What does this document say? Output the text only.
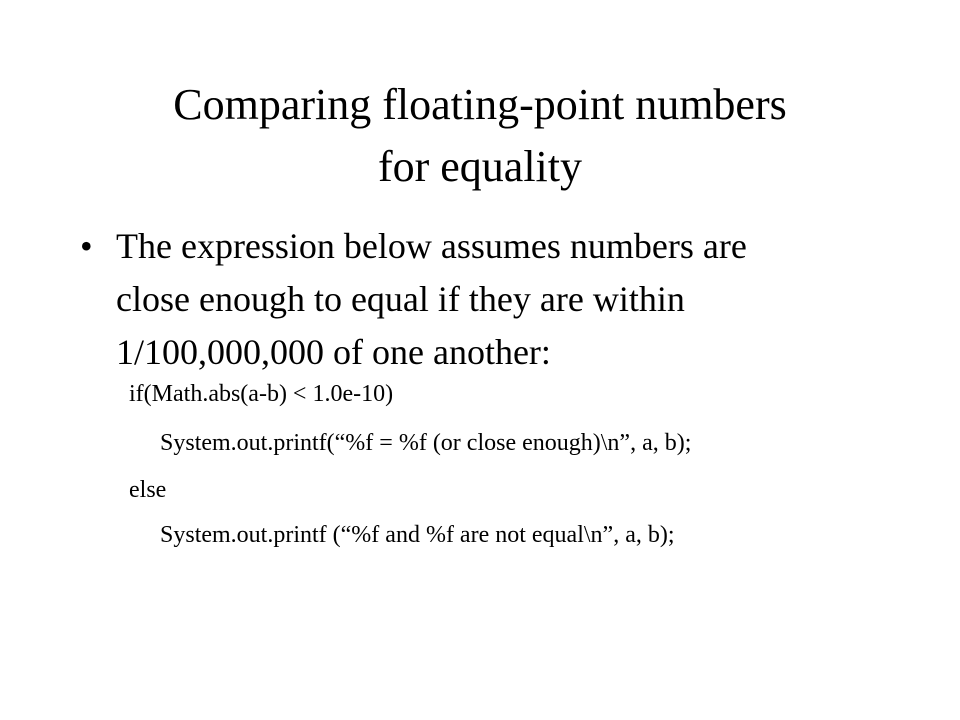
Comparing floating-point numbers
for equality
• The expression below assumes numbers are
close enough to equal if they are within
1/100,000,000 of one another:
if(Math.abs(a-b) < 1.0e-10)
System.out.printf(“%f = %f (or close enough)\n”, a, b);
else
System.out.printf (“%f and %f are not equal\n”, a, b);
